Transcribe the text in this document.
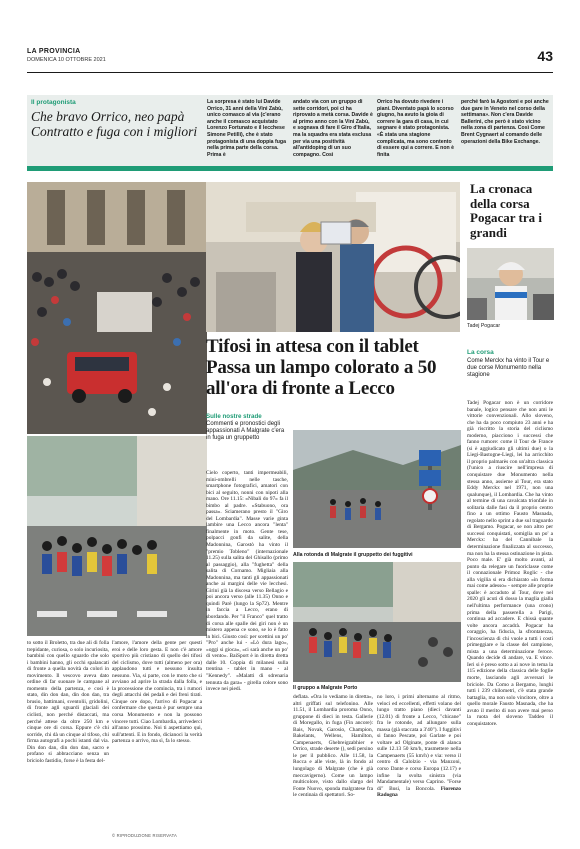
LA PROVINCIA
DOMENICA 10 OTTOBRE 2021	43
Il protagonista
Che bravo Orrico, neo papà Contratto e fuga con i migliori
La sorpresa è stato lui Davide Orrico, 31 anni della Vini Zabù, unico comasco al via (c'erano anche il comasco acquistato Lorenzo Fortunato e il lecchese Simone Petilli), che è stato protagonista di una doppia fuga nella prima parte della corsa. Prima è
andato via con un gruppo di sette corridori, poi ci ha riprovato a metà corsa. Davide è al primo anno con la Vini Zabù, e sognava di fare il Giro d'Italia, ma la squadra era stata esclusa per via una positività all'antidoping di un suo compagno. Così
Orrico ha dovuto rivedere i piani. Diventato papà lo scorso giugno, ha avuto la gioia di correre la gara di casa, in cui segnare è stato protagonista. «È stata una stagione complicata, ma sono contento di essere qui a correre. E non è finita
perché farò la Agostoni e poi anche due gare in Veneto nel corso della settimana». Non c'era Davide Ballerini, che però è stato vicino nella zona di partenza. Così Come Brent Cygnaert al comando delle operazioni della Bike Exchange.
Tifosi in attesa con il tablet Passa un lampo colorato a 50 all'ora di fronte a Lecco
Sulle nostre strade
Commenti e pronostici degli appassionati A Malgrate c'era in fuga un gruppetto
Alla rotonda di Malgrate il gruppetto dei fuggitivi
Il gruppo a Malgrate Porto
Tadej Pogacar
Cielo coperto, tanti impermeabili, mini-ombrelli nelle tasche, smartphone fotografici, amatori con bici al seguito, nonni con nipoti alla mano. Ore 11.15: «Nibali do 97» fa il bimbo al padre. «Stabuono, ora passa». Sciamerano presto il "Giro del Lombardia". Masse varie ginta lambire una Lecco ancora "lenta" finalmente in moto. Gente tese, polpacci gonfi da salite, della Madonnina, Garostò ha vinto il "premio Tobleno" (internazionale 11.25) sulla salita del Ghisallo (primo al passaggio), alla "fughetta" della salita di Cornamo. Migliaia alla Madonnina, ma tanti gli appassionati anche ai margini delle vie lecchesi. Girini già la discesa verso Bellagio e poi ancora verso (alle 11.35) Onno e quindi Parè (lungo la Sp72). Mentre in faccia a Lecco, erano di sbordando. Per "il Franco" quel tratto di corsa alle spalle dei giri non è un mistero appena ce sono, se lo è fatto in bici. Giusto così: per scettini un po' "Pro" anche lui - «Lò dura lago», «oggi si gioca», «ci sarà anche un po' di vento». BaiSport è in diretta dretta dalle 10. Coppia di milanesi sulla trentina - tablet in mano - al "Kennedy". «Malatti di sdrenaria tennuta da gara» - girella colore sono invece nei piedi.
to sotto il Broletto, tra due ali di folla trepidante, curiosa, o solo incuriosita, bambini con quello sguardo che solo i bambini hanno, gli occhi spalancati di fronte a quella novità da colori in movimento. Il vescovo aveva dato ordine di far suonare le campane al momento della partenza, e così è stato, din don dan, din don dan, tra brusio, battimani, sventolii, gridolini, di fronte agli sguardi glaciali dei ciclisti, non perché distaccati, ma perché attese da oltre 250 km e cinque ore di corsa. Eppure c'è chi sorride, chi dà un cinque al tifoso, chi firma autografi a pochi istanti dal via. Din don dan, din don dan, sacro e profano si abbracciano senza un briciolo fastidio, forse è la festa del-
l'amore, l'amore della gente per questi eroi e delle loro gesta. E non c'è amore sportivo più cristiano di quello dei tifosi del ciclismo, dove tutti (almeno per ora) applaudono tutti e nessuno insulta nessuno. Via, si parte, con le moto che si avviano ad aprire la strada dalla folla, e la processione che comincia, tra i rumori degli attacchi dei pedali e dei freni tirati. Cinque ore dopo, l'arrivo di Pogacar a confermare che questa è pur sempre una corsa Monumento e non la possono vincere tutti. Ciao Lombardia, arrivederci all'anno prossimo. Noi ti aspettiamo qui, sull'attenti. E in fondo, dicianoci la verità partenza o arrivo, ma sì, fa lo stesso.
© RIPRODUZIONE RISERVATA
deflata. «Ora lo vediamo in diretta», altri griffati sul telefonino. Alle 11.51, il Lombardia proroma Onno, gruppone di dieci in testa. Gallerie di Moregallo, in fuga (Fin ancore): Bais, Novak, Garosio, Champion, Bakelants, Wellens, Hamilton, Campenaerts, Ghebreigzabhier e Orrico, strade deserte (), sedi persino le per il pubblico. Alle 11.58, la Rocca e alle viste, là in fondo al lungolago di Malgrate (che è già meccavigerno). Come un lampo multicolore, visto dallo slargo del Fonte Nuovo, sponda malgratese fra le centinaia di spettatori. So-
no loro, i primi alternamo al ritmo, veloci ed eccellenti, effetti volano del lungo tratto piano (dieci davanti (12.01) di fronte a Lecco, "chicane" fra le rotonde, ad allungare sulla massa (già staccata a 3'40"). I fuggitivi si fanno Pescate, poi Garlate e poi voltare ad Olginate, ponte di alanca sulle 12.13 50 km/h, trasmettere nella Campenaerts (55 km/h) e via: verso il centro di Calolzio - via Manzoni, corso Dante e corso Europa (12.17) e infine la svolta sinistra (via Mandamentale) verso Caprino. "Forse di" Busi, la Boncola. Fiorenzo Radogna
La cronaca della corsa Pogacar tra i grandi
La corsa
Come Merckx ha vinto il Tour e due corse Monumento nella stagione
Tadej Pogacar non è un corridore banale, logico pensare che non ami le vittorie convenzionali. Allo sloveno, che ha da poco compiuto 23 anni e ha già riscritto la storia del ciclismo moderno, piacciono i successi che fanno rumore: come il Tour de France (si è aggiudicato gli ultimi due) o la Liegi-Bastogne-Liegi, lei ha arricchito il proprio palmarès con un'altra classica (l'unico a riuscire nell'impresa di conquistare due Monumento nella stessa anno, assieme al Tour, era stato Eddy Merckx nel 1971, non una qualunque), il Lombardia. Che ha vinto al termine di una cavalcata trionfale in solitaria dalle fasi da il proprio centro fino a un ottimo Fausto Masnada, regolato nello sprint a due sul traguardo di Bergamo. Pogacar, se non altro per successi conquistati, somiglia un po' a Merckx: ha del Cannibale la determinazione finalizzata al successo, ma non ha la stessa ostinazione in pista. Poco male. E' già molto avanti, al punto da relegare un fuoriclasse come il connazionale Primoz Roglic - che alla vigilia si era dichiarato «in forma mai come adesso» - sempre alle proprie spalle: è accaduto al Tour, dove nel 2020 gli acuti di dosso la maglia gialla nell'ultima performance (una crono) prima della passerella a Parigi, continua ad accadere. E chissà quante volte ancora accadrà. Pogacar ha coraggio, ha fiducia, la sfrontatezza, l'incoscienza di chi vuole a tutti i costi primeggiare e la classe del campione, mista a una determinazione feroce. Quando decide di andare, va. E vince. Ieri si è preso sotto a ai nove in tema la 115 edizione della classica delle foglie morte, lasciando agli avversari le briciole. Da Como a Bergamo, lunghi tutti i 239 chilometri, c'è stata grande battaglia, ma non solo vincitore, oltre a quello morale Fausto Masnada, che ha avuto il merito di non avere mai perso la ruota del sloveno Taddeo il conquistatore.
